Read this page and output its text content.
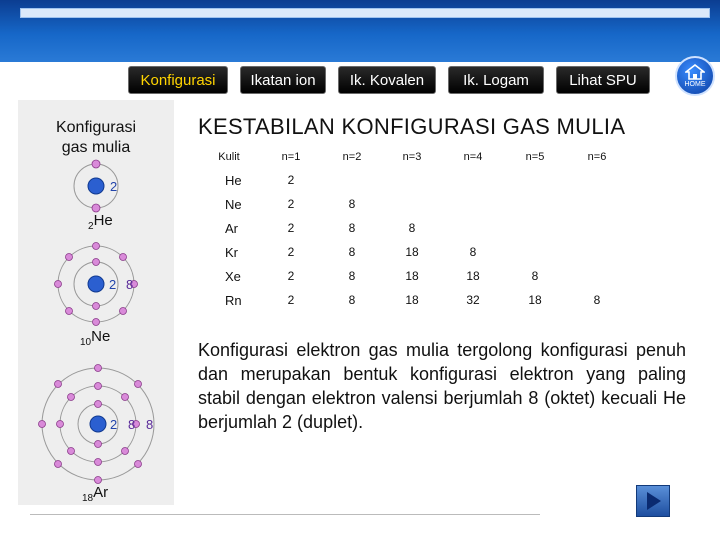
Konfigurasi	Ikatan ion	Ik. Kovalen	Ik. Logam	Lihat SPU	HOME
Konfigurasi
gas mulia
2
$_2$He
2 8
$_{10}$Ne
2 8 8
$_{18}$Ar
KESTABILAN KONFIGURASI GAS MULIA
Kulit	n=1	n=2	n=3	n=4	n=5	n=6
He	2					
Ne	2	8				
Ar	2	8	8			
Kr	2	8	18	8		
Xe	2	8	18	18	8	
Rn	2	8	18	32	18	8
Konfigurasi elektron gas mulia tergolong konfigurasi penuh dan merupakan bentuk konfigurasi elektron yang paling stabil dengan elektron valensi berjumlah 8 (oktet) kecuali He berjumlah 2 (duplet).
